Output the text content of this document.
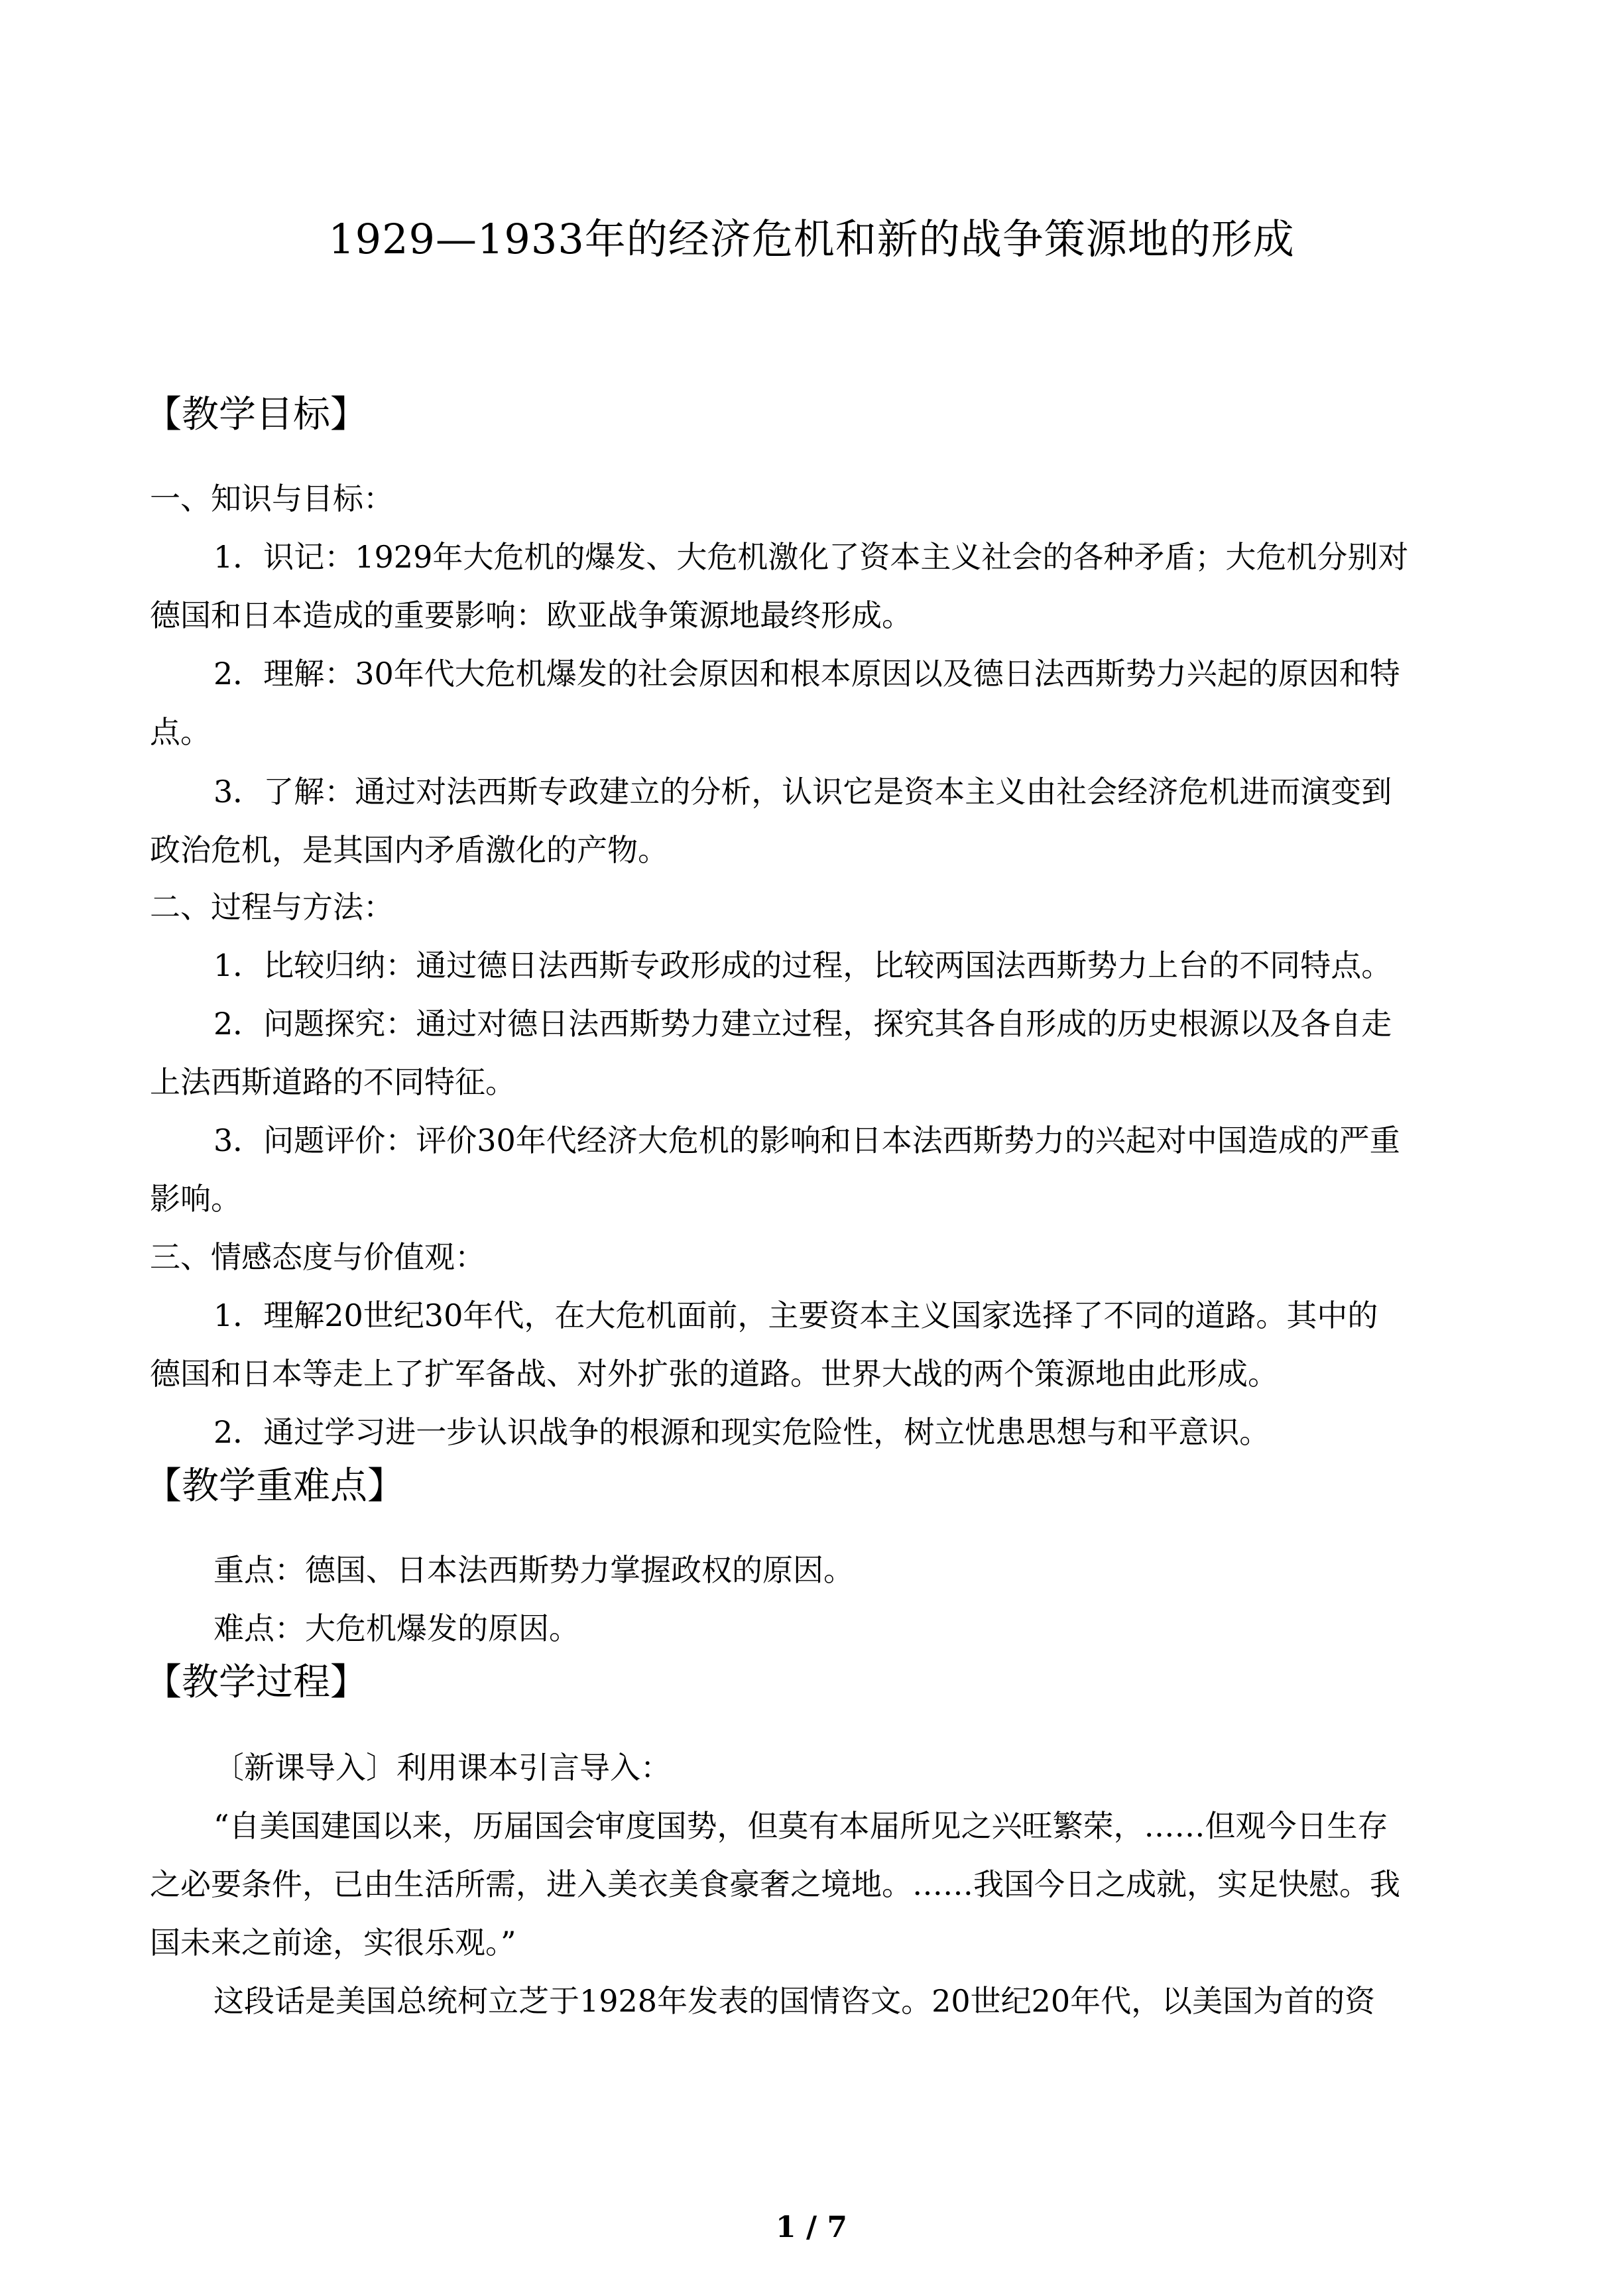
1929—1933年的经济危机和新的战争策源地的形成
【教学目标】
一、知识与目标：
1．识记：1929年大危机的爆发、大危机激化了资本主义社会的各种矛盾；大危机分别对
德国和日本造成的重要影响：欧亚战争策源地最终形成。
2．理解：30年代大危机爆发的社会原因和根本原因以及德日法西斯势力兴起的原因和特
点。
3．了解：通过对法西斯专政建立的分析，认识它是资本主义由社会经济危机进而演变到
政治危机，是其国内矛盾激化的产物。
二、过程与方法：
1．比较归纳：通过德日法西斯专政形成的过程，比较两国法西斯势力上台的不同特点。
2．问题探究：通过对德日法西斯势力建立过程，探究其各自形成的历史根源以及各自走
上法西斯道路的不同特征。
3．问题评价：评价30年代经济大危机的影响和日本法西斯势力的兴起对中国造成的严重
影响。
三、情感态度与价值观：
1．理解20世纪30年代，在大危机面前，主要资本主义国家选择了不同的道路。其中的
德国和日本等走上了扩军备战、对外扩张的道路。世界大战的两个策源地由此形成。
2．通过学习进一步认识战争的根源和现实危险性，树立忧患思想与和平意识。
【教学重难点】
重点：德国、日本法西斯势力掌握政权的原因。
难点：大危机爆发的原因。
【教学过程】
〔新课导入〕利用课本引言导入：
“自美国建国以来，历届国会审度国势，但莫有本届所见之兴旺繁荣，……但观今日生存
之必要条件，已由生活所需，进入美衣美食豪奢之境地。……我国今日之成就，实足快慰。我
国未来之前途，实很乐观。”
这段话是美国总统柯立芝于1928年发表的国情咨文。20世纪20年代，以美国为首的资
1 / 7
